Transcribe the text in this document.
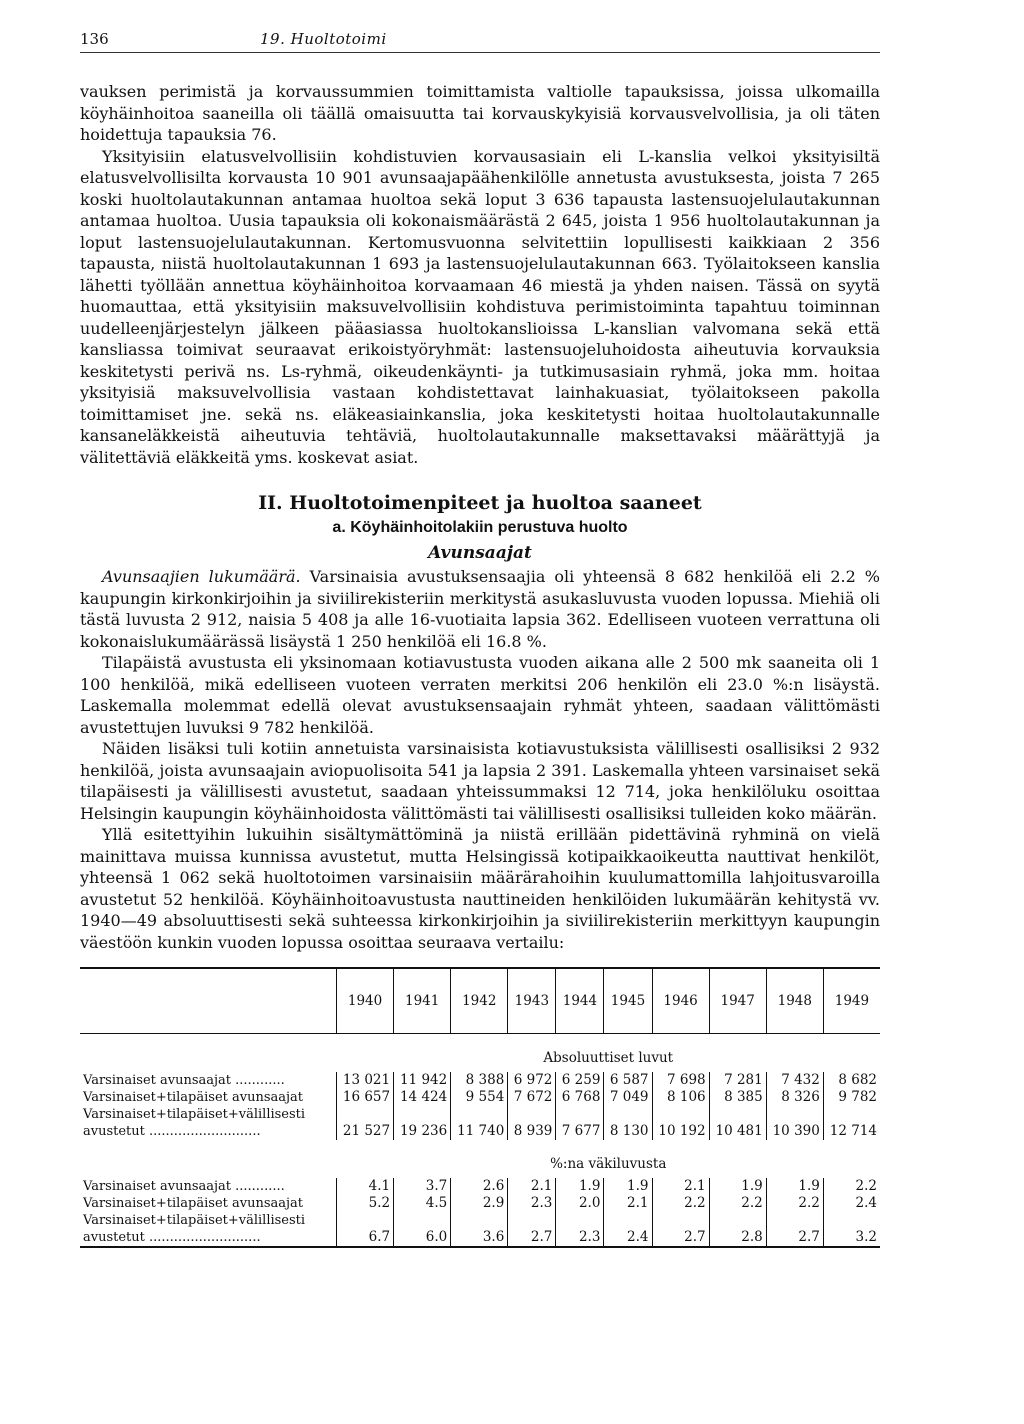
136	19. Huoltotoimi

vauksen perimistä ja korvaussummien toimittamista valtiolle tapauksissa, joissa ulkomailla köyhäinhoitoa saaneilla oli täällä omaisuutta tai korvauskykyisiä korvausvelvollisia, ja oli täten hoidettuja tapauksia 76.

Yksityisiin elatusvelvollisiin kohdistuvien korvausasiain eli L-kanslia velkoi yksityisiltä elatusvelvollisilta korvausta 10 901 avunsaajapäähenkilölle annetusta avustuksesta, joista 7 265 koski huoltolautakunnan antamaa huoltoa sekä loput 3 636 tapausta lastensuojelulautakunnan antamaa huoltoa. Uusia tapauksia oli kokonaismäärästä 2 645, joista 1 956 huoltolautakunnan ja loput lastensuojelulautakunnan. Kertomusvuonna selvitettiin lopullisesti kaikkiaan 2 356 tapausta, niistä huoltolautakunnan 1 693 ja lastensuojelulautakunnan 663. Työlaitokseen kanslia lähetti työllään annettua köyhäinhoitoa korvaamaan 46 miestä ja yhden naisen. Tässä on syytä huomauttaa, että yksityisiin maksuvelvollisiin kohdistuva perimistoiminta tapahtuu toiminnan uudelleenjärjestelyn jälkeen pääasiassa huoltokanslioissa L-kanslian valvomana sekä että kansliassa toimivat seuraavat erikoistyöryhmät: lastensuojeluhoidosta aiheutuvia korvauksia keskitetysti perivä ns. Ls-ryhmä, oikeudenkäynti- ja tutkimusasiain ryhmä, joka mm. hoitaa yksityisiä maksuvelvollisia vastaan kohdistettavat lainhakuasiat, työlaitokseen pakolla toimittamiset jne. sekä ns. eläkeasiainkanslia, joka keskitetysti hoitaa huoltolautakunnalle kansaneläkkeistä aiheutuvia tehtäviä, huoltolautakunnalle maksettavaksi määrättyjä ja välitettäviä eläkkeitä yms. koskevat asiat.

II. Huoltotoimenpiteet ja huoltoa saaneet
a. Köyhäinhoitolakiin perustuva huolto
Avunsaajat

Avunsaajien lukumäärä. Varsinaisia avustuksensaajia oli yhteensä 8 682 henkilöä eli 2.2 % kaupungin kirkonkirjoihin ja siviilirekisteriin merkitystä asukasluvusta vuoden lopussa. Miehiä oli tästä luvusta 2 912, naisia 5 408 ja alle 16-vuotiaita lapsia 362. Edelliseen vuoteen verrattuna oli kokonaislukumäärässä lisäystä 1 250 henkilöä eli 16.8 %.

Tilapäistä avustusta eli yksinomaan kotiavustusta vuoden aikana alle 2 500 mk saaneita oli 1 100 henkilöä, mikä edelliseen vuoteen verraten merkitsi 206 henkilön eli 23.0 %:n lisäystä. Laskemalla molemmat edellä olevat avustuksensaajain ryhmät yhteen, saadaan välittömästi avustettujen luvuksi 9 782 henkilöä.

Näiden lisäksi tuli kotiin annetuista varsinaisista kotiavustuksista välillisesti osallisiksi 2 932 henkilöä, joista avunsaajain aviopuolisoita 541 ja lapsia 2 391. Laskemalla yhteen varsinaiset sekä tilapäisesti ja välillisesti avustetut, saadaan yhteissummaksi 12 714, joka henkilöluku osoittaa Helsingin kaupungin köyhäinhoidosta välittömästi tai välillisesti osallisiksi tulleiden koko määrän.

Yllä esitettyihin lukuihin sisältymättöminä ja niistä erillään pidettävinä ryhminä on vielä mainittava muissa kunnissa avustetut, mutta Helsingissä kotipaikkaoikeutta nauttivat henkilöt, yhteensä 1 062 sekä huoltotoimen varsinaisiin määrärahoihin kuulumattomilla lahjoitusvaroilla avustetut 52 henkilöä. Köyhäinhoitoavustusta nauttineiden henkilöiden lukumäärän kehitystä vv. 1940—49 absoluuttisesti sekä suhteessa kirkonkirjoihin ja siviilirekisteriin merkittyyn kaupungin väestöön kunkin vuoden lopussa osoittaa seuraava vertailu:

	1940	1941	1942	1943	1944	1945	1946	1947	1948	1949
	Absoluuttiset luvut									
Varsinaiset avunsaajat ............	13 021	11 942	8 388	6 972	6 259	6 587	7 698	7 281	7 432	8 682
Varsinaiset+tilapäiset avunsaajat	16 657	14 424	9 554	7 672	6 768	7 049	8 106	8 385	8 326	9 782
Varsinaiset+tilapäiset+välillisesti										
avustetut ...........................	21 527	19 236	11 740	8 939	7 677	8 130	10 192	10 481	10 390	12 714
	%:na väkiluvusta									
Varsinaiset avunsaajat ............	4.1	3.7	2.6	2.1	1.9	1.9	2.1	1.9	1.9	2.2
Varsinaiset+tilapäiset avunsaajat	5.2	4.5	2.9	2.3	2.0	2.1	2.2	2.2	2.2	2.4
Varsinaiset+tilapäiset+välillisesti										
avustetut ...........................	6.7	6.0	3.6	2.7	2.3	2.4	2.7	2.8	2.7	3.2
